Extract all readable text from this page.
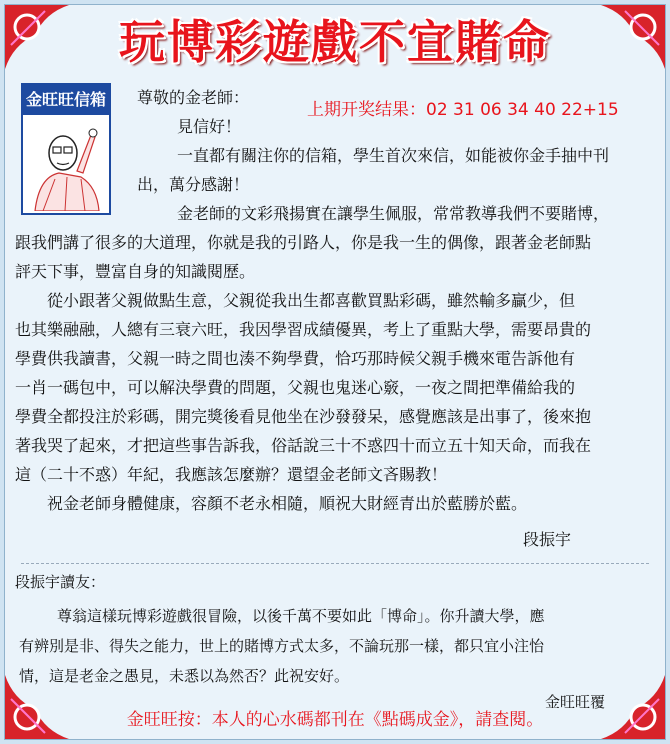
玩博彩遊戲不宜賭命
金旺旺信箱
上期开奖结果：02 31 06 34 40 22+15
尊敬的金老師：
見信好！
一直都有關注你的信箱，學生首次來信，如能被你金手抽中刊
出，萬分感謝！
金老師的文彩飛揚實在讓學生佩服，常常教導我們不要賭博，
跟我們講了很多的大道理，你就是我的引路人，你是我一生的偶像，跟著金老師點
評天下事，豐富自身的知識閱歷。
從小跟著父親做點生意，父親從我出生都喜歡買點彩碼，雖然輸多贏少，但
也其樂融融，人總有三衰六旺，我因學習成績優異，考上了重點大學，需要昂貴的
學費供我讀書，父親一時之間也湊不夠學費，恰巧那時候父親手機來電告訴他有
一肖一碼包中，可以解決學費的問題，父親也鬼迷心竅，一夜之間把準備給我的
學費全都投注於彩碼，開完獎後看見他坐在沙發發呆，感覺應該是出事了，後來抱
著我哭了起來，才把這些事告訴我，俗話說三十不惑四十而立五十知天命，而我在
這（二十不惑）年紀，我應該怎麼辦？還望金老師文吝賜教！
祝金老師身體健康，容顏不老永相隨，順祝大財經青出於藍勝於藍。
段振宇
段振宇讀友：
尊翁這樣玩博彩遊戲很冒險，以後千萬不要如此「博命」。你升讀大學，應
有辨別是非、得失之能力，世上的賭博方式太多，不論玩那一樣，都只宜小注怡
情，這是老金之愚見，未悉以為然否？此祝安好。
金旺旺覆
金旺旺按：本人的心水碼都刊在《點碼成金》，請查閱。
